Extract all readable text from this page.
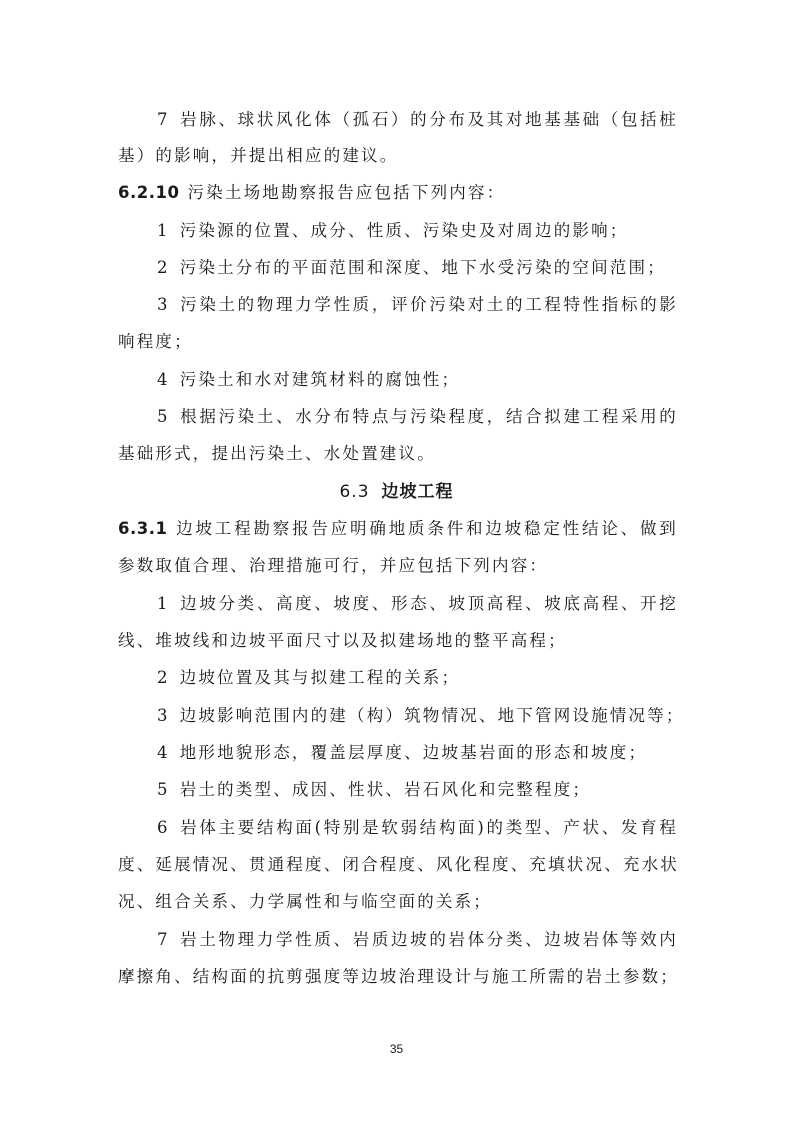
7 岩脉、球状风化体（孤石）的分布及其对地基基础（包括桩
基）的影响，并提出相应的建议。
6.2.10 污染土场地勘察报告应包括下列内容：
1 污染源的位置、成分、性质、污染史及对周边的影响；
2 污染土分布的平面范围和深度、地下水受污染的空间范围；
3 污染土的物理力学性质，评价污染对土的工程特性指标的影
响程度；
4 污染土和水对建筑材料的腐蚀性；
5 根据污染土、水分布特点与污染程度，结合拟建工程采用的
基础形式，提出污染土、水处置建议。
6.3 边坡工程
6.3.1 边坡工程勘察报告应明确地质条件和边坡稳定性结论、做到
参数取值合理、治理措施可行，并应包括下列内容：
1 边坡分类、高度、坡度、形态、坡顶高程、坡底高程、开挖
线、堆坡线和边坡平面尺寸以及拟建场地的整平高程；
2 边坡位置及其与拟建工程的关系；
3 边坡影响范围内的建（构）筑物情况、地下管网设施情况等；
4 地形地貌形态，覆盖层厚度、边坡基岩面的形态和坡度；
5 岩土的类型、成因、性状、岩石风化和完整程度；
6 岩体主要结构面(特别是软弱结构面)的类型、产状、发育程
度、延展情况、贯通程度、闭合程度、风化程度、充填状况、充水状
况、组合关系、力学属性和与临空面的关系；
7 岩土物理力学性质、岩质边坡的岩体分类、边坡岩体等效内
摩擦角、结构面的抗剪强度等边坡治理设计与施工所需的岩土参数；
35
